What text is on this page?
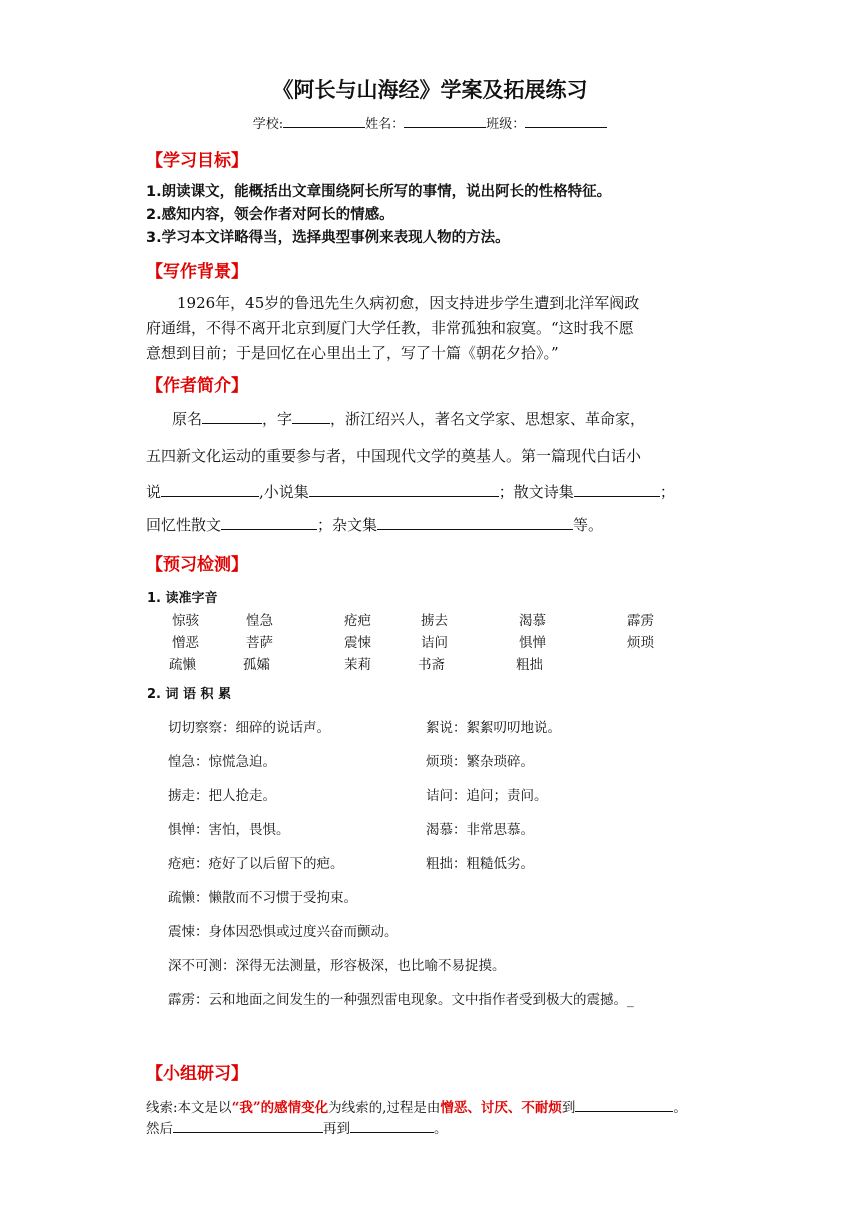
《阿长与山海经》学案及拓展练习
学校:	姓名：	班级：
【学习目标】
1.朗读课文，能概括出文章围绕阿长所写的事情，说出阿长的性格特征。
2.感知内容，领会作者对阿长的情感。
3.学习本文详略得当，选择典型事例来表现人物的方法。
【写作背景】
1926年，45岁的鲁迅先生久病初愈，因支持进步学生遭到北洋军阀政
府通缉，不得不离开北京到厦门大学任教，非常孤独和寂寞。“这时我不愿
意想到目前；于是回忆在心里出土了，写了十篇《朝花夕拾》。”
【作者简介】
原名	，字	，浙江绍兴人，著名文学家、思想家、革命家，
五四新文化运动的重要参与者，中国现代文学的奠基人。第一篇现代白话小
说	,小说集	；散文诗集	；
回忆性散文	；杂文集	等。
【预习检测】
1. 读准字音
惊骇	惶急	疮疤	掳去	渴慕	霹雳
憎恶	菩萨	震悚	诘问	惧惮	烦琐
疏懒	孤孀	茉莉	书斋	粗拙
2. 词 语 积 累
切切察察：细碎的说话声。	絮说：絮絮叨叨地说。
惶急：惊慌急迫。	烦琐：繁杂琐碎。
掳走：把人抢走。	诘问：追问；责问。
惧惮：害怕，畏惧。	渴慕：非常思慕。
疮疤：疮好了以后留下的疤。	粗拙：粗糙低劣。
疏懒：懒散而不习惯于受拘束。
震悚：身体因恐惧或过度兴奋而颤动。
深不可测：深得无法测量，形容极深，也比喻不易捉摸。
霹雳：云和地面之间发生的一种强烈雷电现象。文中指作者受到极大的震撼。_
【小组研习】
线索:本文是以“我”的感情变化为线索的,过程是由憎恶、讨厌、不耐烦到	。
然后	再到	。
